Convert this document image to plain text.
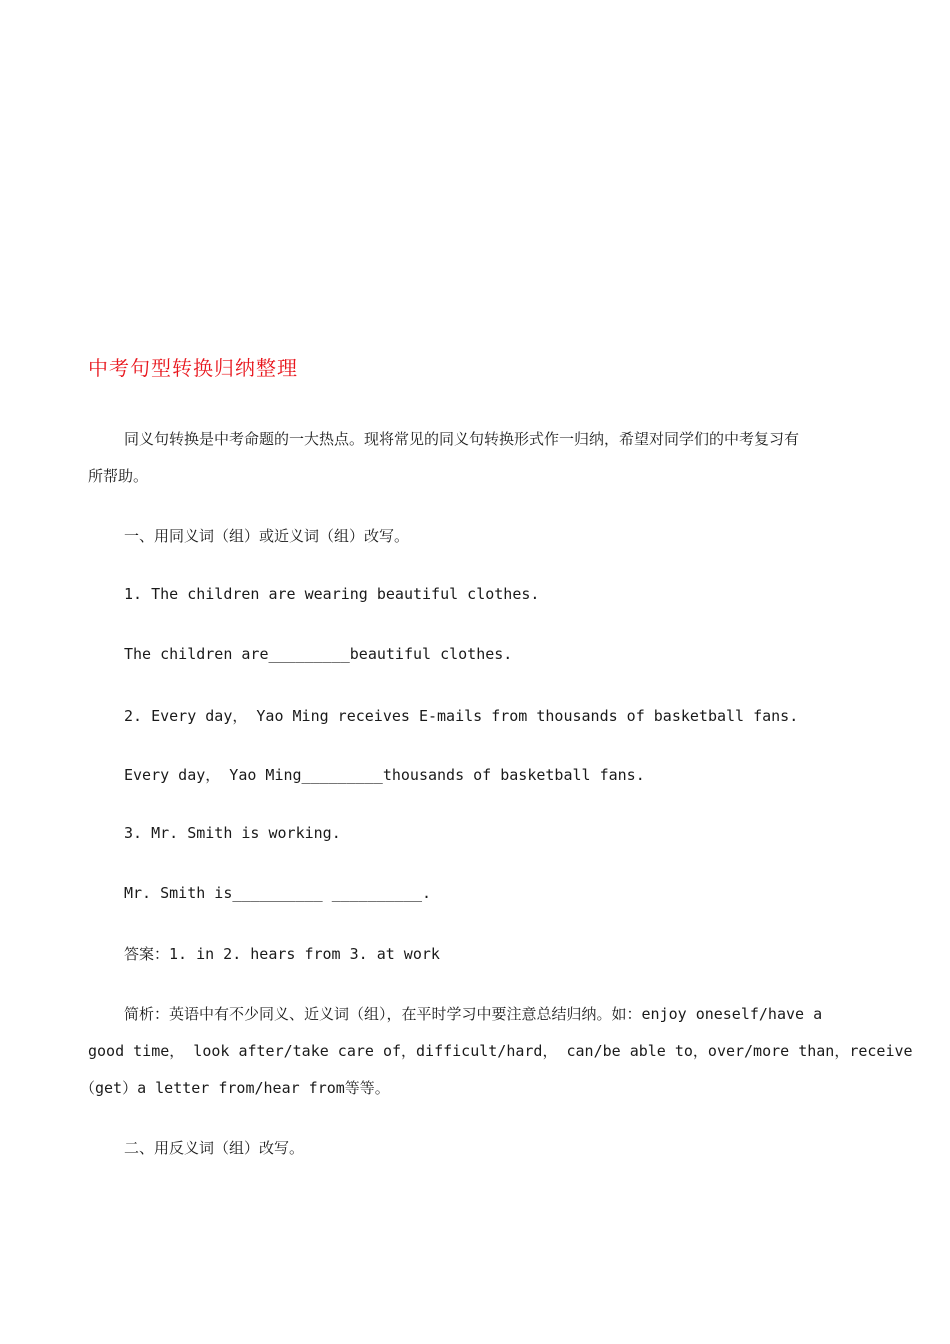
中考句型转换归纳整理
同义句转换是中考命题的一大热点。现将常见的同义句转换形式作一归纳，希望对同学们的中考复习有
所帮助。
一、用同义词（组）或近义词（组）改写。
1. The children are wearing beautiful clothes.
The children are_________beautiful clothes.
2. Every day， Yao Ming receives E-mails from thousands of basketball fans.
Every day， Yao Ming_________thousands of basketball fans.
3. Mr. Smith is working.
Mr. Smith is__________ __________.
答案：1. in 2. hears from 3. at work
简析：英语中有不少同义、近义词（组），在平时学习中要注意总结归纳。如：enjoy oneself/have a
good time， look after/take care of，difficult/hard， can/be able to，over/more than，receive
（get）a letter from/hear from等等。
二、用反义词（组）改写。
